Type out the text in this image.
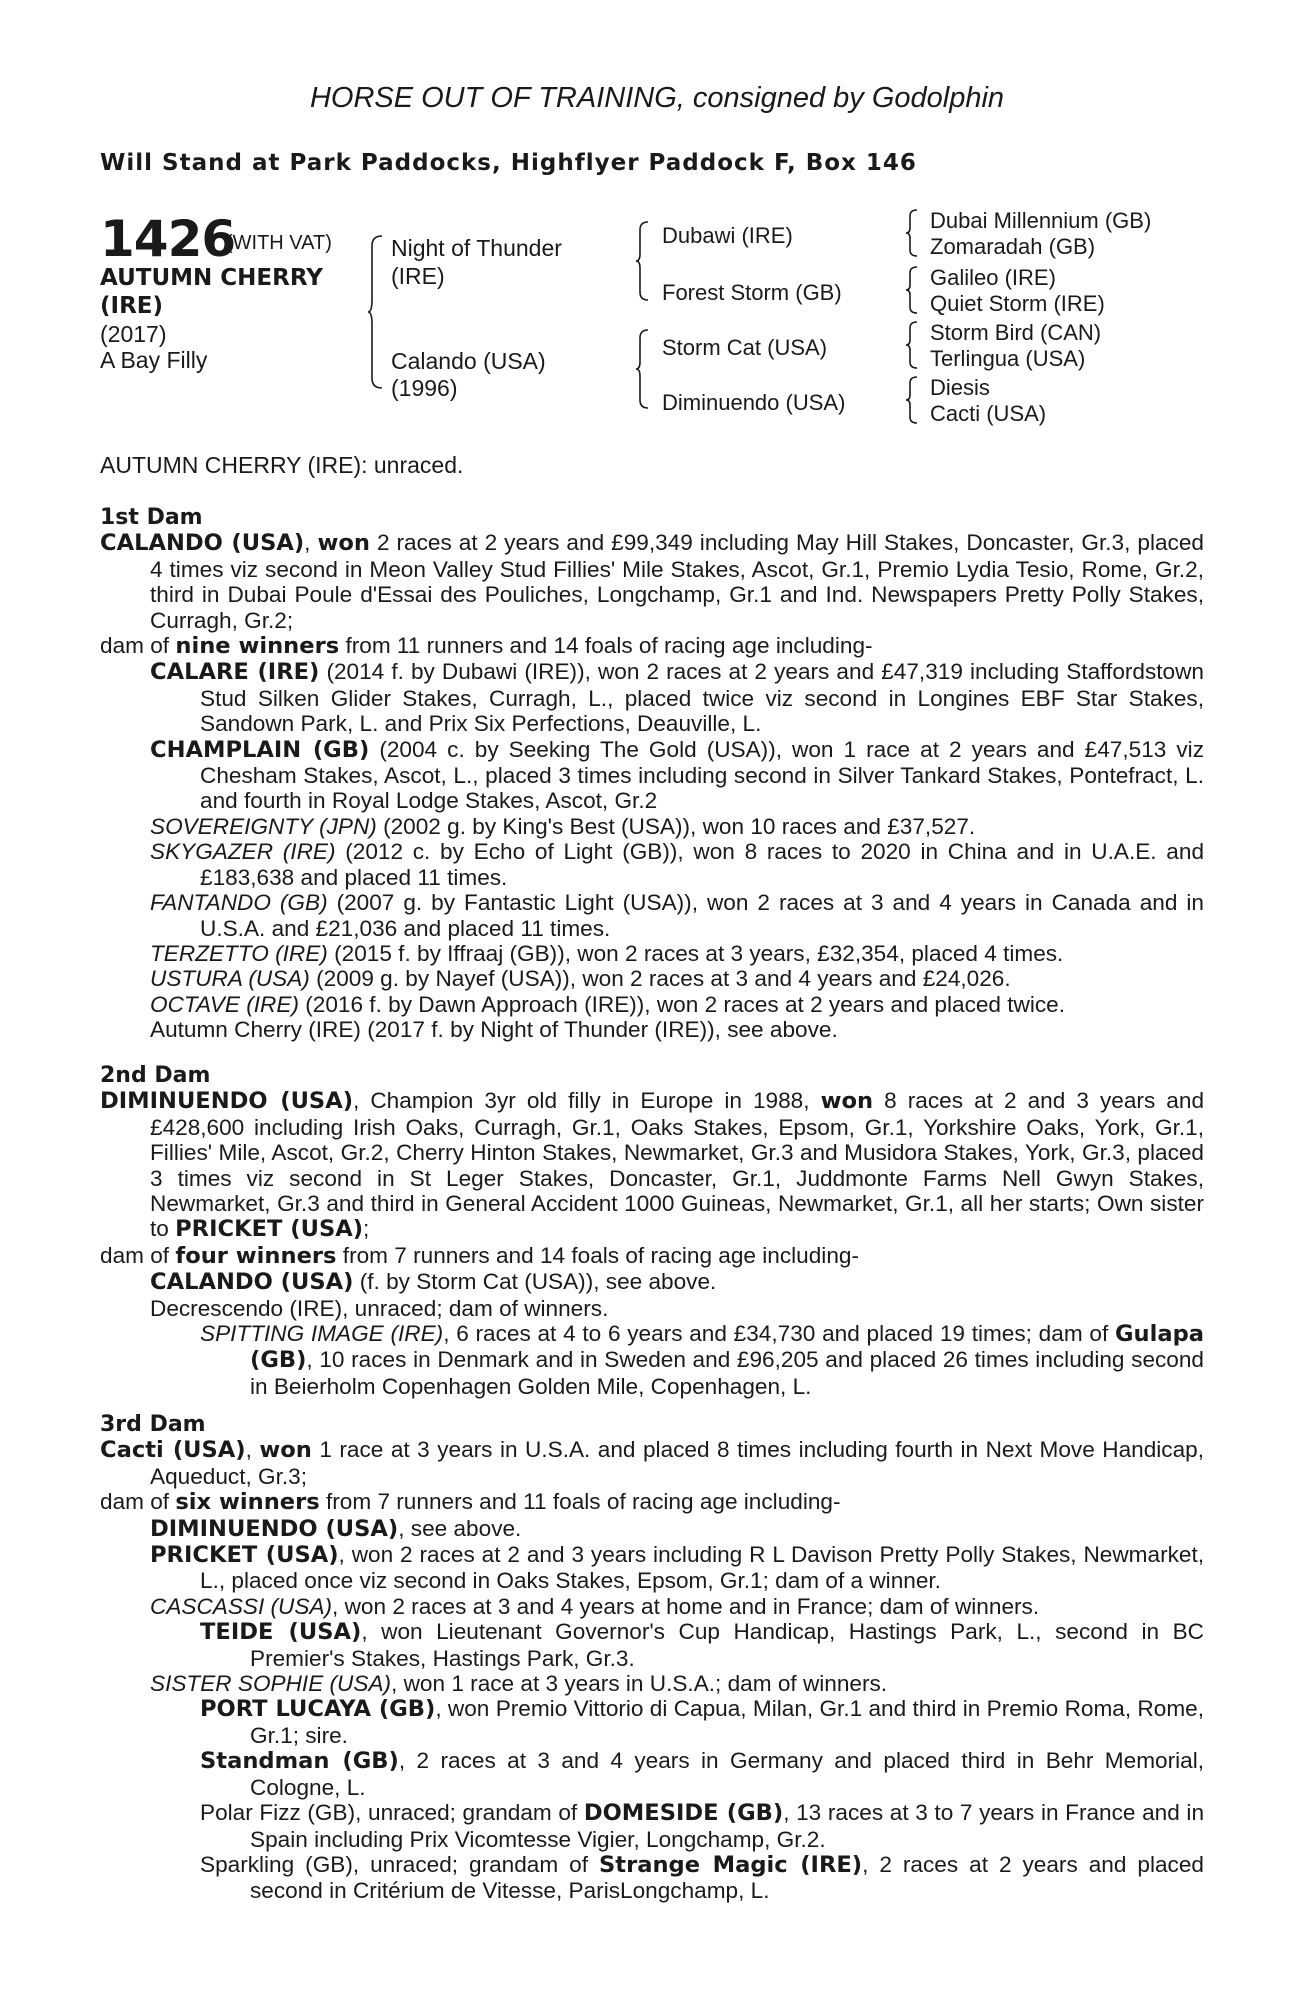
HORSE OUT OF TRAINING, consigned by Godolphin
Will Stand at Park Paddocks, Highflyer Paddock F, Box 146
1426
(WITH VAT)
AUTUMN CHERRY
(IRE)
(2017)
A Bay Filly
Night of Thunder
(IRE)
Calando (USA)
(1996)
Dubawi (IRE)
Forest Storm (GB)
Storm Cat (USA)
Diminuendo (USA)
Dubai Millennium (GB)
Zomaradah (GB)
Galileo (IRE)
Quiet Storm (IRE)
Storm Bird (CAN)
Terlingua (USA)
Diesis
Cacti (USA)
AUTUMN CHERRY (IRE): unraced.

1st Dam

CALANDO (USA), won 2 races at 2 years and £99,349 including May Hill Stakes, Doncaster, Gr.3, placed 4 times viz second in Meon Valley Stud Fillies' Mile Stakes, Ascot, Gr.1, Premio Lydia Tesio, Rome, Gr.2, third in Dubai Poule d'Essai des Pouliches, Longchamp, Gr.1 and Ind. Newspapers Pretty Polly Stakes, Curragh, Gr.2;

dam of nine winners from 11 runners and 14 foals of racing age including-

CALARE (IRE) (2014 f. by Dubawi (IRE)), won 2 races at 2 years and £47,319 including Staffordstown Stud Silken Glider Stakes, Curragh, L., placed twice viz second in Longines EBF Star Stakes, Sandown Park, L. and Prix Six Perfections, Deauville, L.

CHAMPLAIN (GB) (2004 c. by Seeking The Gold (USA)), won 1 race at 2 years and £47,513 viz Chesham Stakes, Ascot, L., placed 3 times including second in Silver Tankard Stakes, Pontefract, L. and fourth in Royal Lodge Stakes, Ascot, Gr.2

SOVEREIGNTY (JPN) (2002 g. by King's Best (USA)), won 10 races and £37,527.

SKYGAZER (IRE) (2012 c. by Echo of Light (GB)), won 8 races to 2020 in China and in U.A.E. and £183,638 and placed 11 times.

FANTANDO (GB) (2007 g. by Fantastic Light (USA)), won 2 races at 3 and 4 years in Canada and in U.S.A. and £21,036 and placed 11 times.

TERZETTO (IRE) (2015 f. by Iffraaj (GB)), won 2 races at 3 years, £32,354, placed 4 times.

USTURA (USA) (2009 g. by Nayef (USA)), won 2 races at 3 and 4 years and £24,026.

OCTAVE (IRE) (2016 f. by Dawn Approach (IRE)), won 2 races at 2 years and placed twice.

Autumn Cherry (IRE) (2017 f. by Night of Thunder (IRE)), see above.

2nd Dam

DIMINUENDO (USA), Champion 3yr old filly in Europe in 1988, won 8 races at 2 and 3 years and £428,600 including Irish Oaks, Curragh, Gr.1, Oaks Stakes, Epsom, Gr.1, Yorkshire Oaks, York, Gr.1, Fillies' Mile, Ascot, Gr.2, Cherry Hinton Stakes, Newmarket, Gr.3 and Musidora Stakes, York, Gr.3, placed 3 times viz second in St Leger Stakes, Doncaster, Gr.1, Juddmonte Farms Nell Gwyn Stakes, Newmarket, Gr.3 and third in General Accident 1000 Guineas, Newmarket, Gr.1, all her starts; Own sister to PRICKET (USA);

dam of four winners from 7 runners and 14 foals of racing age including-

CALANDO (USA) (f. by Storm Cat (USA)), see above.

Decrescendo (IRE), unraced; dam of winners.

SPITTING IMAGE (IRE), 6 races at 4 to 6 years and £34,730 and placed 19 times; dam of Gulapa (GB), 10 races in Denmark and in Sweden and £96,205 and placed 26 times including second in Beierholm Copenhagen Golden Mile, Copenhagen, L.

3rd Dam

Cacti (USA), won 1 race at 3 years in U.S.A. and placed 8 times including fourth in Next Move Handicap, Aqueduct, Gr.3;

dam of six winners from 7 runners and 11 foals of racing age including-

DIMINUENDO (USA), see above.

PRICKET (USA), won 2 races at 2 and 3 years including R L Davison Pretty Polly Stakes, Newmarket, L., placed once viz second in Oaks Stakes, Epsom, Gr.1; dam of a winner.

CASCASSI (USA), won 2 races at 3 and 4 years at home and in France; dam of winners.

TEIDE (USA), won Lieutenant Governor's Cup Handicap, Hastings Park, L., second in BC Premier's Stakes, Hastings Park, Gr.3.

SISTER SOPHIE (USA), won 1 race at 3 years in U.S.A.; dam of winners.

PORT LUCAYA (GB), won Premio Vittorio di Capua, Milan, Gr.1 and third in Premio Roma, Rome, Gr.1; sire.

Standman (GB), 2 races at 3 and 4 years in Germany and placed third in Behr Memorial, Cologne, L.

Polar Fizz (GB), unraced; grandam of DOMESIDE (GB), 13 races at 3 to 7 years in France and in Spain including Prix Vicomtesse Vigier, Longchamp, Gr.2.

Sparkling (GB), unraced; grandam of Strange Magic (IRE), 2 races at 2 years and placed second in Critérium de Vitesse, ParisLongchamp, L.
